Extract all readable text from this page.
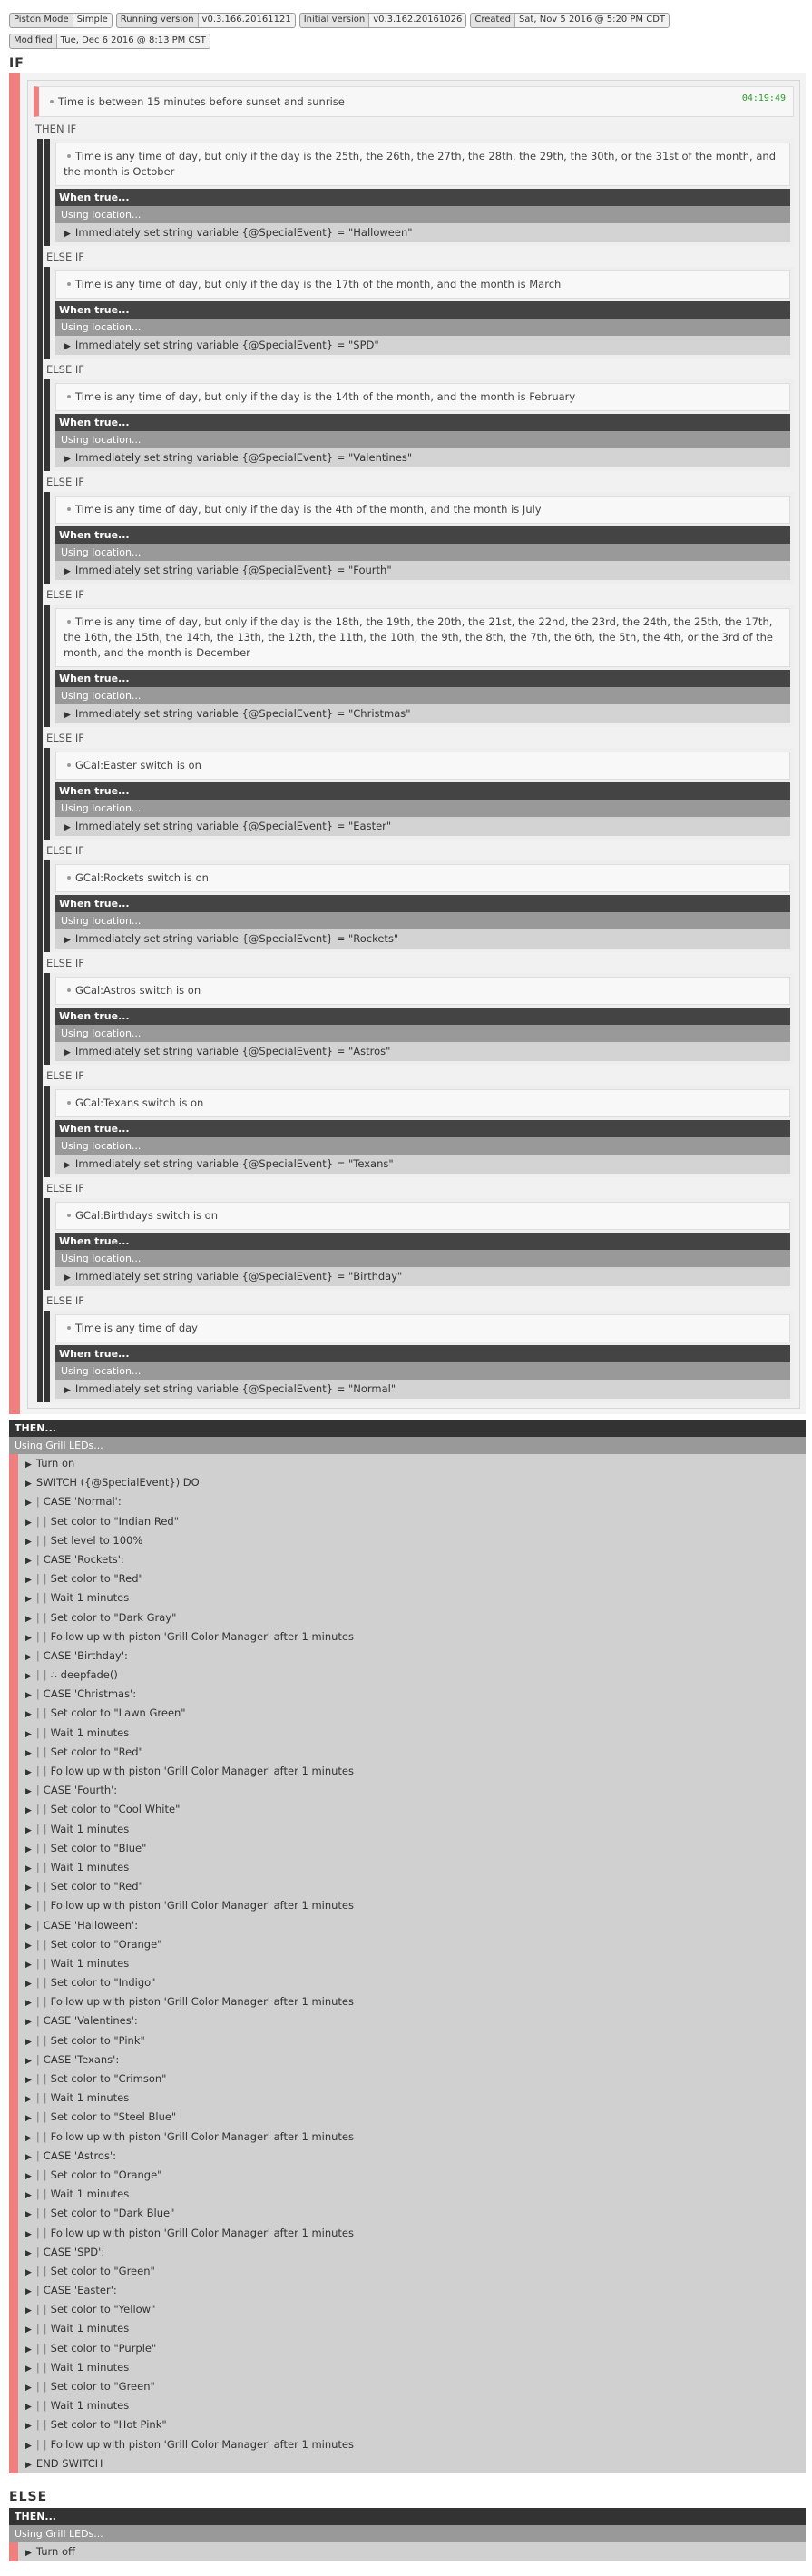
Piston Mode Simple	Running version v0.3.166.20161121	Initial version v0.3.162.20161026	Created Sat, Nov 5 2016 @ 5:20 PM CDT
Modified Tue, Dec 6 2016 @ 8:13 PM CST
IF
04:19:49
Time is between 15 minutes before sunset and sunrise
THEN IF
Time is any time of day, but only if the day is the 25th, the 26th, the 27th, the 28th, the 29th, the 30th, or the 31st of the month, and the month is October
When true...
Using location...
▶ Immediately set string variable {@SpecialEvent} = "Halloween"
ELSE IF
Time is any time of day, but only if the day is the 17th of the month, and the month is March
When true...
Using location...
▶ Immediately set string variable {@SpecialEvent} = "SPD"
ELSE IF
Time is any time of day, but only if the day is the 14th of the month, and the month is February
When true...
Using location...
▶ Immediately set string variable {@SpecialEvent} = "Valentines"
ELSE IF
Time is any time of day, but only if the day is the 4th of the month, and the month is July
When true...
Using location...
▶ Immediately set string variable {@SpecialEvent} = "Fourth"
ELSE IF
Time is any time of day, but only if the day is the 18th, the 19th, the 20th, the 21st, the 22nd, the 23rd, the 24th, the 25th, the 17th, the 16th, the 15th, the 14th, the 13th, the 12th, the 11th, the 10th, the 9th, the 8th, the 7th, the 6th, the 5th, the 4th, or the 3rd of the month, and the month is December
When true...
Using location...
▶ Immediately set string variable {@SpecialEvent} = "Christmas"
ELSE IF
GCal:Easter switch is on
When true...
Using location...
▶ Immediately set string variable {@SpecialEvent} = "Easter"
ELSE IF
GCal:Rockets switch is on
When true...
Using location...
▶ Immediately set string variable {@SpecialEvent} = "Rockets"
ELSE IF
GCal:Astros switch is on
When true...
Using location...
▶ Immediately set string variable {@SpecialEvent} = "Astros"
ELSE IF
GCal:Texans switch is on
When true...
Using location...
▶ Immediately set string variable {@SpecialEvent} = "Texans"
ELSE IF
GCal:Birthdays switch is on
When true...
Using location...
▶ Immediately set string variable {@SpecialEvent} = "Birthday"
ELSE IF
Time is any time of day
When true...
Using location...
▶ Immediately set string variable {@SpecialEvent} = "Normal"
THEN...
Using Grill LEDs...
▶ Turn on
▶ SWITCH ({@SpecialEvent}) DO
▶ | CASE 'Normal':
▶ | | Set color to "Indian Red"
▶ | | Set level to 100%
▶ | CASE 'Rockets':
▶ | | Set color to "Red"
▶ | | Wait 1 minutes
▶ | | Set color to "Dark Gray"
▶ | | Follow up with piston 'Grill Color Manager' after 1 minutes
▶ | CASE 'Birthday':
▶ | | ∴ deepfade()
▶ | CASE 'Christmas':
▶ | | Set color to "Lawn Green"
▶ | | Wait 1 minutes
▶ | | Set color to "Red"
▶ | | Follow up with piston 'Grill Color Manager' after 1 minutes
▶ | CASE 'Fourth':
▶ | | Set color to "Cool White"
▶ | | Wait 1 minutes
▶ | | Set color to "Blue"
▶ | | Wait 1 minutes
▶ | | Set color to "Red"
▶ | | Follow up with piston 'Grill Color Manager' after 1 minutes
▶ | CASE 'Halloween':
▶ | | Set color to "Orange"
▶ | | Wait 1 minutes
▶ | | Set color to "Indigo"
▶ | | Follow up with piston 'Grill Color Manager' after 1 minutes
▶ | CASE 'Valentines':
▶ | | Set color to "Pink"
▶ | CASE 'Texans':
▶ | | Set color to "Crimson"
▶ | | Wait 1 minutes
▶ | | Set color to "Steel Blue"
▶ | | Follow up with piston 'Grill Color Manager' after 1 minutes
▶ | CASE 'Astros':
▶ | | Set color to "Orange"
▶ | | Wait 1 minutes
▶ | | Set color to "Dark Blue"
▶ | | Follow up with piston 'Grill Color Manager' after 1 minutes
▶ | CASE 'SPD':
▶ | | Set color to "Green"
▶ | CASE 'Easter':
▶ | | Set color to "Yellow"
▶ | | Wait 1 minutes
▶ | | Set color to "Purple"
▶ | | Wait 1 minutes
▶ | | Set color to "Green"
▶ | | Wait 1 minutes
▶ | | Set color to "Hot Pink"
▶ | | Follow up with piston 'Grill Color Manager' after 1 minutes
▶ END SWITCH
ELSE
THEN...
Using Grill LEDs...
▶ Turn off
